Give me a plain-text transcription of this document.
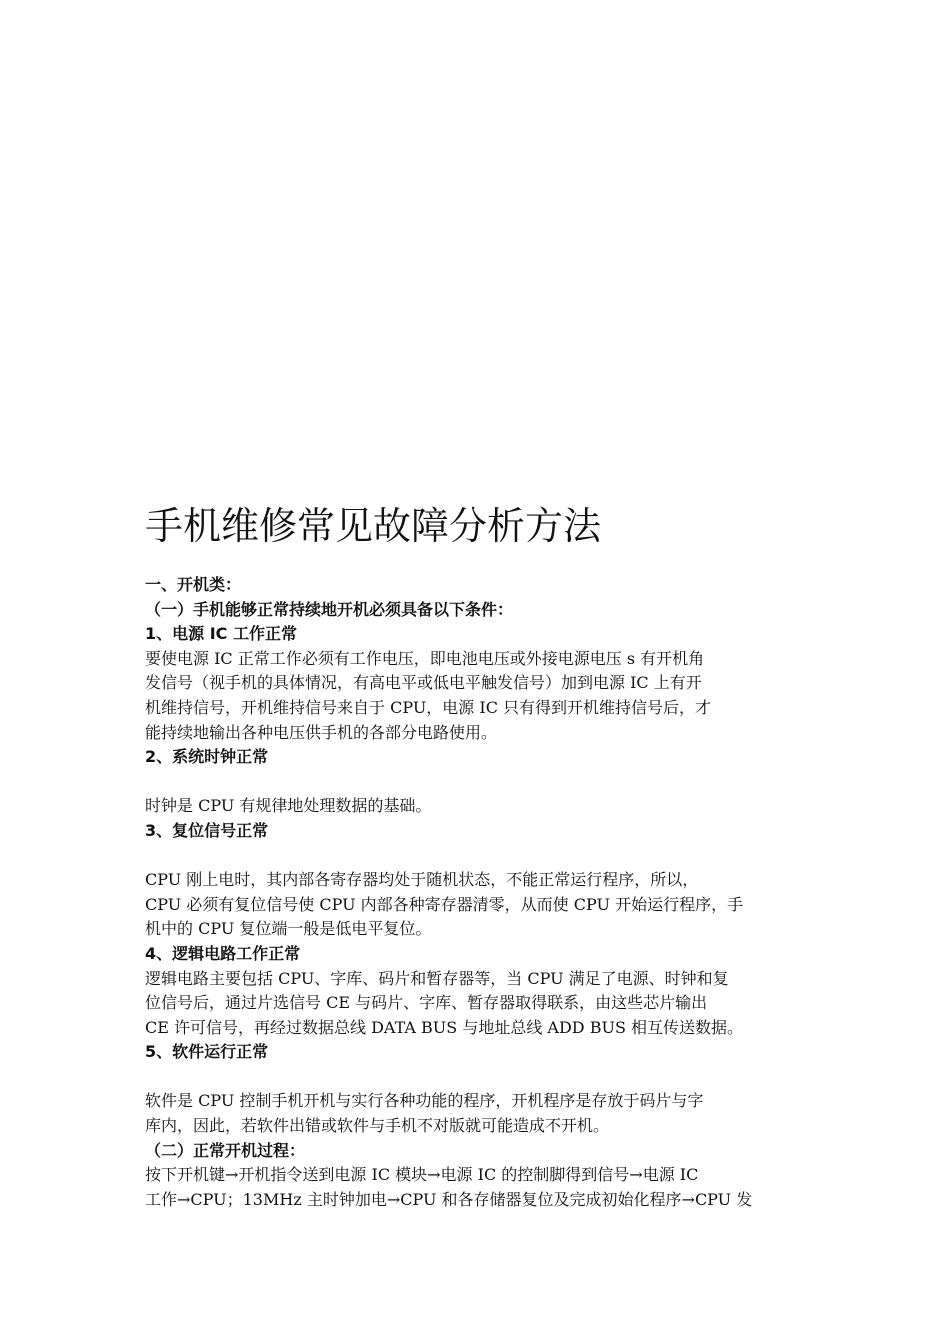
手机维修常见故障分析方法
一、开机类：
（一）手机能够正常持续地开机必须具备以下条件：
1、电源 IC 工作正常
要使电源 IC 正常工作必须有工作电压，即电池电压或外接电源电压 s 有开机角
发信号（视手机的具体情况，有高电平或低电平触发信号）加到电源 IC 上有开
机维持信号，开机维持信号来自于 CPU，电源 IC 只有得到开机维持信号后，才
能持续地输出各种电压供手机的各部分电路使用。
2、系统时钟正常
时钟是 CPU 有规律地处理数据的基础。
3、复位信号正常
CPU 刚上电时，其内部各寄存器均处于随机状态，不能正常运行程序，所以，
CPU 必须有复位信号使 CPU 内部各种寄存器清零，从而使 CPU 开始运行程序，手
机中的 CPU 复位端一般是低电平复位。
4、逻辑电路工作正常
逻辑电路主要包括 CPU、字库、码片和暂存器等，当 CPU 满足了电源、时钟和复
位信号后，通过片选信号 CE 与码片、字库、暂存器取得联系，由这些芯片输出
CE 许可信号，再经过数据总线 DATA BUS 与地址总线 ADD BUS 相互传送数据。
5、软件运行正常
软件是 CPU 控制手机开机与实行各种功能的程序，开机程序是存放于码片与字
库内，因此，若软件出错或软件与手机不对版就可能造成不开机。
（二）正常开机过程：
按下开机键→开机指令送到电源 IC 模块→电源 IC 的控制脚得到信号→电源 IC
工作→CPU；13MHz 主时钟加电→CPU 和各存储器复位及完成初始化程序→CPU 发
